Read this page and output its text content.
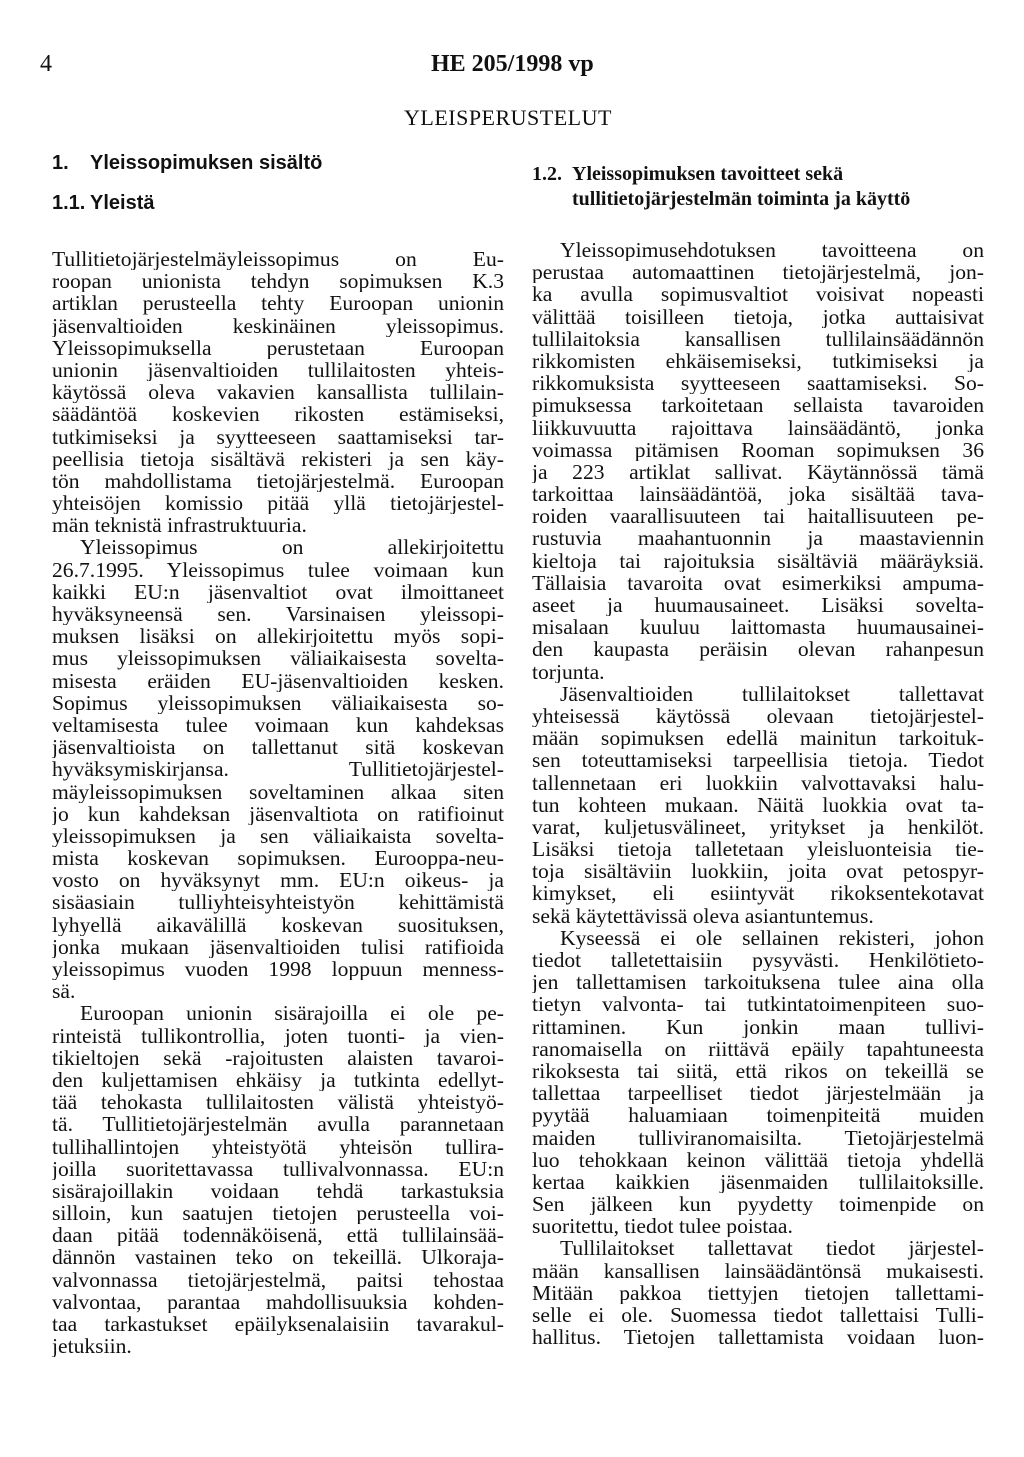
4	HE 205/1998 vp
YLEISPERUSTELUT
1. Yleissopimuksen sisältö
1.1. Yleistä
Tullitietojärjestelmäyleissopimus on Eu-
roopan unionista tehdyn sopimuksen K.3
artiklan perusteella tehty Euroopan unionin
jäsenvaltioiden keskinäinen yleissopimus.
Yleissopimuksella perustetaan Euroopan
unionin jäsenvaltioiden tullilaitosten yhteis-
käytössä oleva vakavien kansallista tullilain-
säädäntöä koskevien rikosten estämiseksi,
tutkimiseksi ja syytteeseen saattamiseksi tar-
peellisia tietoja sisältävä rekisteri ja sen käy-
tön mahdollistama tietojärjestelmä. Euroopan
yhteisöjen komissio pitää yllä tietojärjestel-
män teknistä infrastruktuuria.
Yleissopimus on allekirjoitettu
26.7.1995. Yleissopimus tulee voimaan kun
kaikki EU:n jäsenvaltiot ovat ilmoittaneet
hyväksyneensä sen. Varsinaisen yleissopi-
muksen lisäksi on allekirjoitettu myös sopi-
mus yleissopimuksen väliaikaisesta sovelta-
misesta eräiden EU-jäsenvaltioiden kesken.
Sopimus yleissopimuksen väliaikaisesta so-
veltamisesta tulee voimaan kun kahdeksas
jäsenvaltioista on tallettanut sitä koskevan
hyväksymiskirjansa. Tullitietojärjestel-
mäyleissopimuksen soveltaminen alkaa siten
jo kun kahdeksan jäsenvaltiota on ratifioinut
yleissopimuksen ja sen väliaikaista sovelta-
mista koskevan sopimuksen. Eurooppa-neu-
vosto on hyväksynyt mm. EU:n oikeus- ja
sisäasiain tulliyhteisyhteistyön kehittämistä
lyhyellä aikavälillä koskevan suosituksen,
jonka mukaan jäsenvaltioiden tulisi ratifioida
yleissopimus vuoden 1998 loppuun menness-
sä.
Euroopan unionin sisärajoilla ei ole pe-
rinteistä tullikontrollia, joten tuonti- ja vien-
tikieltojen sekä -rajoitusten alaisten tavaroi-
den kuljettamisen ehkäisy ja tutkinta edellyt-
tää tehokasta tullilaitosten välistä yhteistyö-
tä. Tullitietojärjestelmän avulla parannetaan
tullihallintojen yhteistyötä yhteisön tullira-
joilla suoritettavassa tullivalvonnassa. EU:n
sisärajoillakin voidaan tehdä tarkastuksia
silloin, kun saatujen tietojen perusteella voi-
daan pitää todennäköisenä, että tullilainsää-
dännön vastainen teko on tekeillä. Ulkoraja-
valvonnassa tietojärjestelmä, paitsi tehostaa
valvontaa, parantaa mahdollisuuksia kohden-
taa tarkastukset epäilyksenalaisiin tavarakul-
jetuksiin.
1.2. Yleissopimuksen tavoitteet sekä
tullitietojärjestelmän toiminta ja käyttö
Yleissopimusehdotuksen tavoitteena on
perustaa automaattinen tietojärjestelmä, jon-
ka avulla sopimusvaltiot voisivat nopeasti
välittää toisilleen tietoja, jotka auttaisivat
tullilaitoksia kansallisen tullilainsäädännön
rikkomisten ehkäisemiseksi, tutkimiseksi ja
rikkomuksista syytteeseen saattamiseksi. So-
pimuksessa tarkoitetaan sellaista tavaroiden
liikkuvuutta rajoittava lainsäädäntö, jonka
voimassa pitämisen Rooman sopimuksen 36
ja 223 artiklat sallivat. Käytännössä tämä
tarkoittaa lainsäädäntöä, joka sisältää tava-
roiden vaarallisuuteen tai haitallisuuteen pe-
rustuvia maahantuonnin ja maastaviennin
kieltoja tai rajoituksia sisältäviä määräyksiä.
Tällaisia tavaroita ovat esimerkiksi ampuma-
aseet ja huumausaineet. Lisäksi sovelta-
misalaan kuuluu laittomasta huumausainei-
den kaupasta peräisin olevan rahanpesun
torjunta.
Jäsenvaltioiden tullilaitokset tallettavat
yhteisessä käytössä olevaan tietojärjestel-
mään sopimuksen edellä mainitun tarkoituk-
sen toteuttamiseksi tarpeellisia tietoja. Tiedot
tallennetaan eri luokkiin valvottavaksi halu-
tun kohteen mukaan. Näitä luokkia ovat ta-
varat, kuljetusvälineet, yritykset ja henkilöt.
Lisäksi tietoja talletetaan yleisluonteisia tie-
toja sisältäviin luokkiin, joita ovat petospyr-
kimykset, eli esiintyvät rikoksentekotavat
sekä käytettävissä oleva asiantuntemus.
Kyseessä ei ole sellainen rekisteri, johon
tiedot talletettaisiin pysyvästi. Henkilötieto-
jen tallettamisen tarkoituksena tulee aina olla
tietyn valvonta- tai tutkintatoimenpiteen suo-
rittaminen. Kun jonkin maan tullivi-
ranomaisella on riittävä epäily tapahtuneesta
rikoksesta tai siitä, että rikos on tekeillä se
tallettaa tarpeelliset tiedot järjestelmään ja
pyytää haluamiaan toimenpiteitä muiden
maiden tulliviranomaisilta. Tietojärjestelmä
luo tehokkaan keinon välittää tietoja yhdellä
kertaa kaikkien jäsenmaiden tullilaitoksille.
Sen jälkeen kun pyydetty toimenpide on
suoritettu, tiedot tulee poistaa.
Tullilaitokset tallettavat tiedot järjestel-
mään kansallisen lainsäädäntönsä mukaisesti.
Mitään pakkoa tiettyjen tietojen tallettami-
selle ei ole. Suomessa tiedot tallettaisi Tulli-
hallitus. Tietojen tallettamista voidaan luon-
